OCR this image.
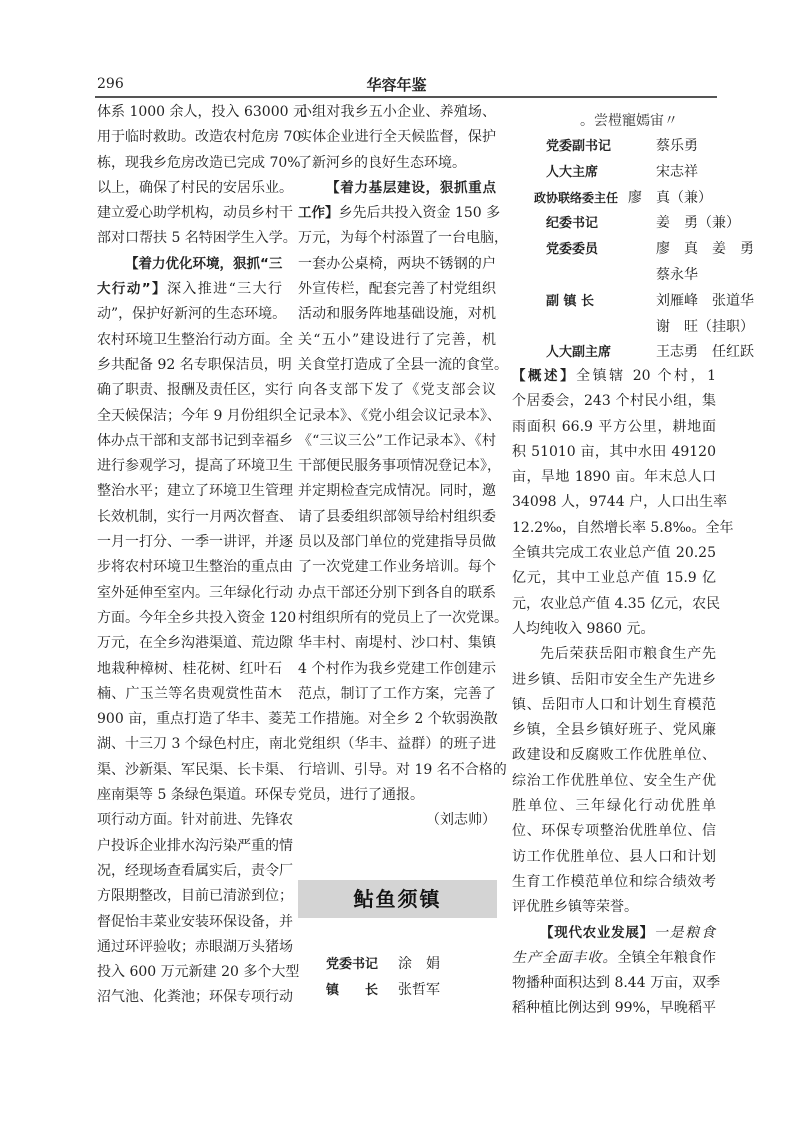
296	华容年鉴
体系 1000 余人，投入 63000 元
用于临时救助。改造农村危房 70
栋，现我乡危房改造已完成 70%
以上，确保了村民的安居乐业。
建立爱心助学机构，动员乡村干
部对口帮扶 5 名特困学生入学。
【着力优化环境，狠抓“三
大行动”】深入推进“三大行
动”，保护好新河的生态环境。
农村环境卫生整治行动方面。全
乡共配备 92 名专职保洁员，明
确了职责、报酬及责任区，实行
全天候保洁；今年 9 月份组织全
体办点干部和支部书记到幸福乡
进行参观学习，提高了环境卫生
整治水平；建立了环境卫生管理
长效机制，实行一月两次督查、
一月一打分、一季一讲评，并逐
步将农村环境卫生整治的重点由
室外延伸至室内。三年绿化行动
方面。今年全乡共投入资金 120
万元，在全乡沟港渠道、荒边隙
地栽种樟树、桂花树、红叶石
楠、广玉兰等名贵观赏性苗木
900 亩，重点打造了华丰、菱芜
湖、十三刀 3 个绿色村庄，南北
渠、沙新渠、军民渠、长卡渠、
座南渠等 5 条绿色渠道。环保专
项行动方面。针对前进、先锋农
户投诉企业排水沟污染严重的情
况，经现场查看属实后，责令厂
方限期整改，目前已清淤到位；
督促怡丰菜业安装环保设备，并
通过环评验收；赤眼湖万头猪场
投入 600 万元新建 20 多个大型
沼气池、化粪池；环保专项行动
小组对我乡五小企业、养殖场、
实体企业进行全天候监督，保护
了新河乡的良好生态环境。
【着力基层建设，狠抓重点
工作】乡先后共投入资金 150 多
万元，为每个村添置了一台电脑，
一套办公桌椅，两块不锈钢的户
外宣传栏，配套完善了村党组织
活动和服务阵地基础设施，对机
关“五小”建设进行了完善，机
关食堂打造成了全县一流的食堂。
向各支部下发了《党支部会议
记录本》、《党小组会议记录本》、
《“三议三公”工作记录本》、《村
干部便民服务事项情况登记本》，
并定期检查完成情况。同时，邀
请了县委组织部领导给村组织委
员以及部门单位的党建指导员做
了一次党建工作业务培训。每个
办点干部还分别下到各自的联系
村组织所有的党员上了一次党课。
华丰村、南堤村、沙口村、集镇
4 个村作为我乡党建工作创建示
范点，制订了工作方案，完善了
工作措施。对全乡 2 个软弱涣散
党组织（华丰、益群）的班子进
行培训、引导。对 19 名不合格的
党员，进行了通报。
（刘志帅）
鲇鱼须镇
党委书记 涂　娟
镇　　长 张哲军
。尝榿寵嫣宙〃
党委副书记	蔡乐勇
人大主席	宋志祥
政协联络委主任 廖　真（兼）
纪委书记	姜　勇（兼）
党委委员	廖　真　姜　勇
蔡永华
副 镇 长	刘雁峰　张道华
谢　旺（挂职）
人大副主席	王志勇　任红跃
【概述】全镇辖 20 个村，1
个居委会，243 个村民小组，集
雨面积 66.9 平方公里，耕地面
积 51010 亩，其中水田 49120
亩，旱地 1890 亩。年末总人口
34098 人，9744 户，人口出生率
12.2‰，自然增长率 5.8‰。全年
全镇共完成工农业总产值 20.25
亿元，其中工业总产值 15.9 亿
元，农业总产值 4.35 亿元，农民
人均纯收入 9860 元。
先后荣获岳阳市粮食生产先
进乡镇、岳阳市安全生产先进乡
镇、岳阳市人口和计划生育模范
乡镇，全县乡镇好班子、党风廉
政建设和反腐败工作优胜单位、
综治工作优胜单位、安全生产优
胜单位、三年绿化行动优胜单
位、环保专项整治优胜单位、信
访工作优胜单位、县人口和计划
生育工作模范单位和综合绩效考
评优胜乡镇等荣誉。
【现代农业发展】一是粮食
生产全面丰收。全镇全年粮食作
物播种面积达到 8.44 万亩，双季
稻种植比例达到 99%，早晚稻平
